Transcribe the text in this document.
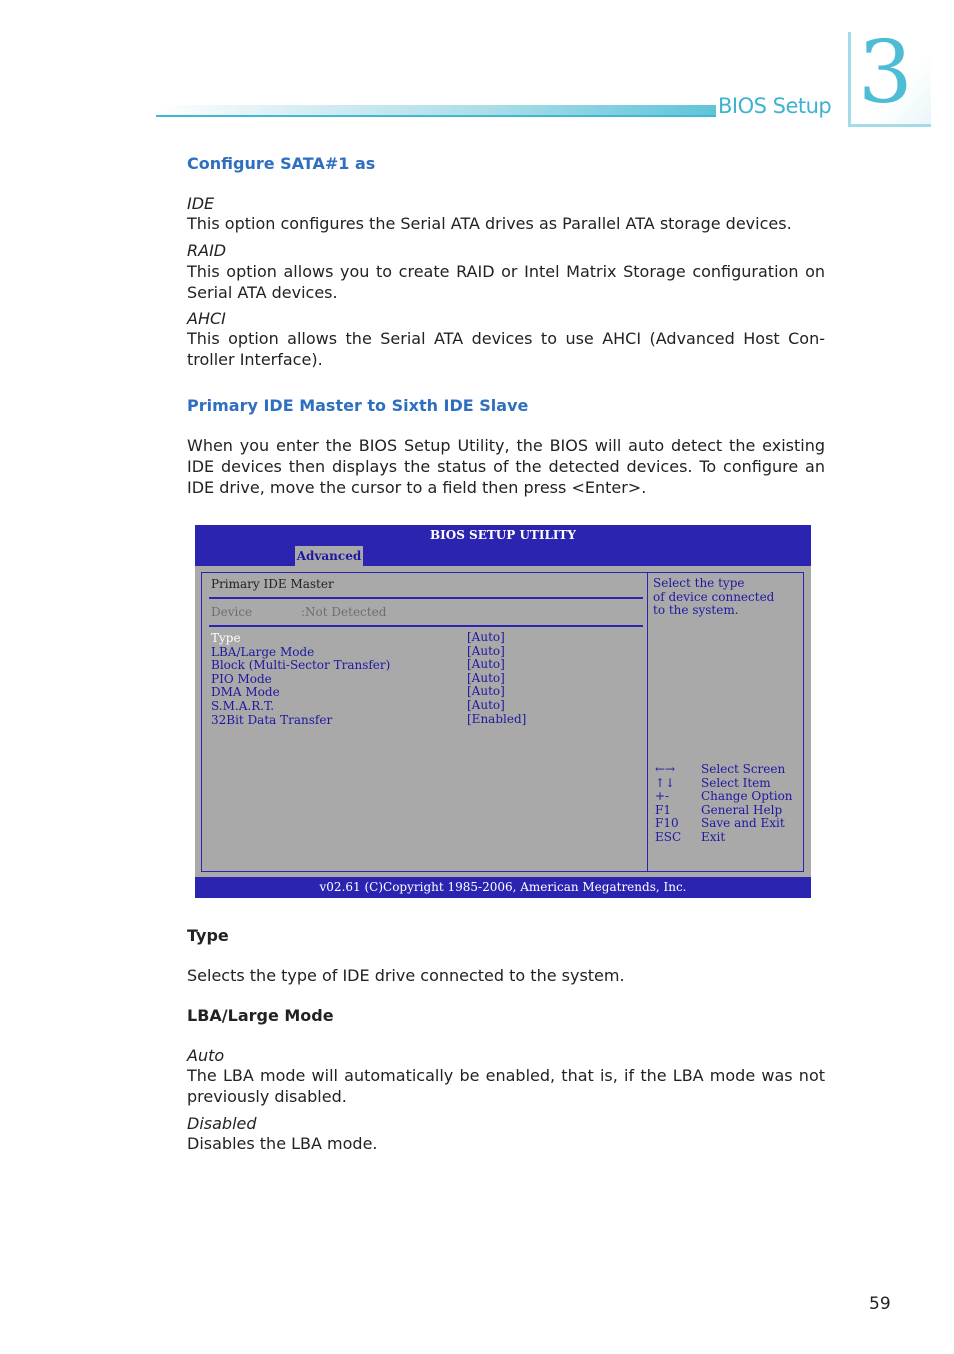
BIOS Setup 3
Configure SATA#1 as
IDE
This option configures the Serial ATA drives as Parallel ATA storage devices.
RAID
This option allows you to create RAID or Intel Matrix Storage configuration on Serial ATA devices.
AHCI
This option allows the Serial ATA devices to use AHCI (Advanced Host Con-troller Interface).
Primary IDE Master to Sixth IDE Slave
When you enter the BIOS Setup Utility, the BIOS will auto detect the existing IDE devices then displays the status of the detected devices. To configure an IDE drive, move the cursor to a field then press <Enter>.
BIOS SETUP UTILITY
Advanced
Primary IDE Master
Device	:Not Detected
Type
LBA/Large Mode
Block (Multi-Sector Transfer)
PIO Mode
DMA Mode
S.M.A.R.T.
32Bit Data Transfer
[Auto]
[Auto]
[Auto]
[Auto]
[Auto]
[Auto]
[Enabled]
Select the type
of device connected
to the system.
←→
↑↓
+-
F1
F10
ESC
Select Screen
Select Item
Change Option
General Help
Save and Exit
Exit
v02.61 (C)Copyright 1985-2006, American Megatrends, Inc.
Type
Selects the type of IDE drive connected to the system.
LBA/Large Mode
Auto
The LBA mode will automatically be enabled, that is, if the LBA mode was not previously disabled.
Disabled
Disables the LBA mode.
59
